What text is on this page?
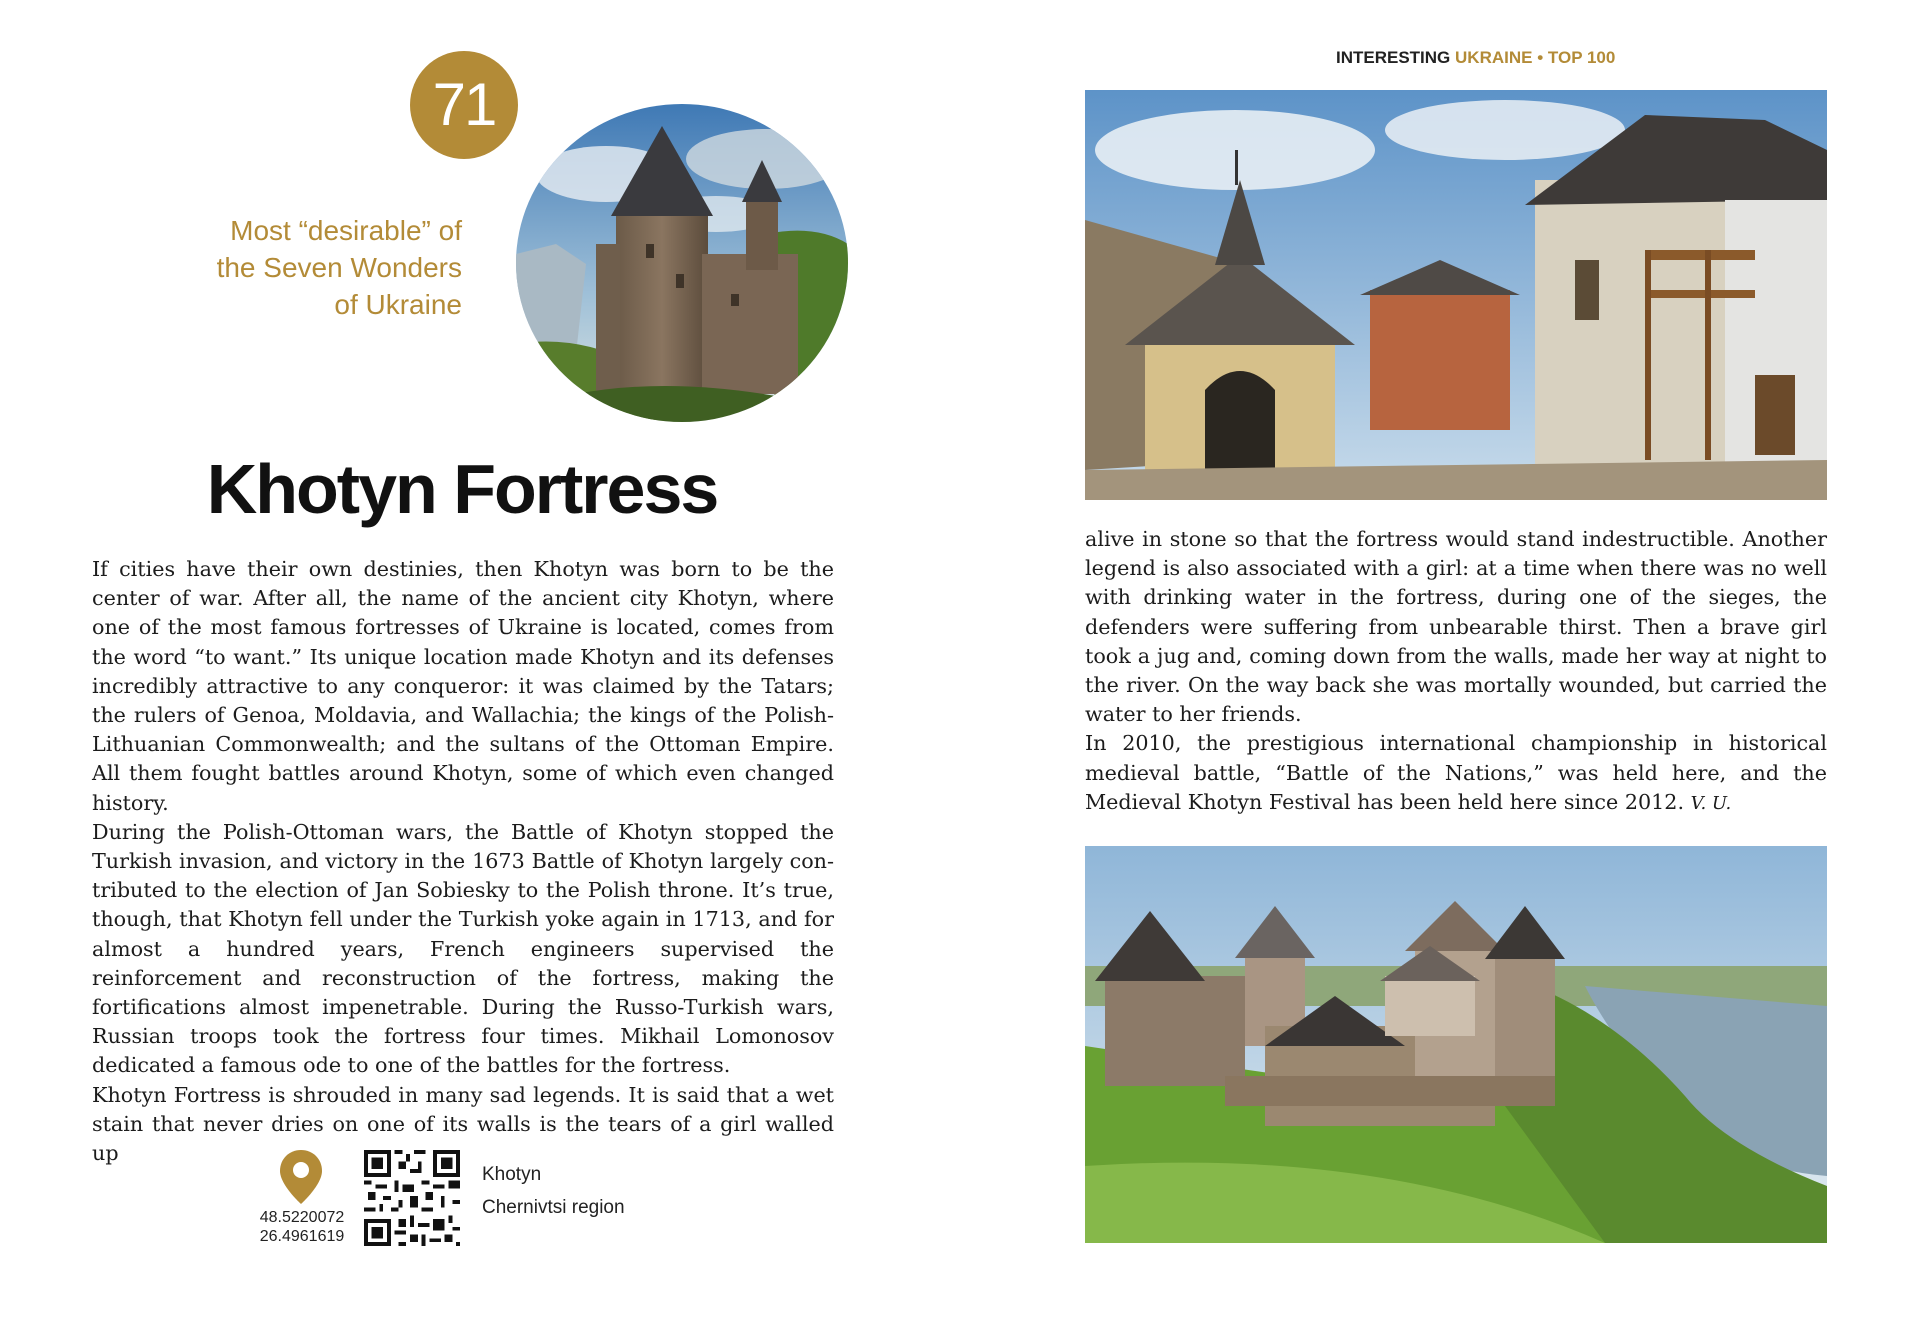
71
Most “desirable” of
the Seven Wonders
of Ukraine
Khotyn Fortress

If cities have their own destinies, then Khotyn was born to be the center of war. After all, the name of the ancient city Khotyn, where one of the most famous fortresses of Ukraine is located, comes from the word “to want.” Its unique location made Khotyn and its defenses incredibly attractive to any conqueror: it was claimed by the Tatars; the rulers of Genoa, Moldavia, and Wallachia; the kings of the Polish-Lithuanian Commonwealth; and the sultans of the Ottoman Empire. All them fought battles around Khotyn, some of which even changed history.

During the Polish-Ottoman wars, the Battle of Khotyn stopped the Turkish invasion, and victory in the 1673 Battle of Khotyn largely contributed to the election of Jan Sobiesky to the Polish throne. It’s true, though, that Khotyn fell under the Turkish yoke again in 1713, and for almost a hundred years, French engineers supervised the reinforcement and reconstruction of the fortress, making the fortifications almost impenetrable. During the Russo-Turkish wars, Russian troops took the fortress four times. Mikhail Lomonosov dedicated a famous ode to one of the battles for the fortress.

Khotyn Fortress is shrouded in many sad legends. It is said that a wet stain that never dries on one of its walls is the tears of a girl walled up

48.5220072
26.4961619
Khotyn
Chernivtsi region
INTERESTING UKRAINE • TOP 100

alive in stone so that the fortress would stand indestructible. Another legend is also associated with a girl: at a time when there was no well with drinking water in the fortress, during one of the sieges, the defenders were suffering from unbearable thirst. Then a brave girl took a jug and, coming down from the walls, made her way at night to the river. On the way back she was mortally wounded, but carried the water to her friends.

In 2010, the prestigious international championship in historical medieval battle, “Battle of the Nations,” was held here, and the Medieval Khotyn Festival has been held here since 2012. V. U.
